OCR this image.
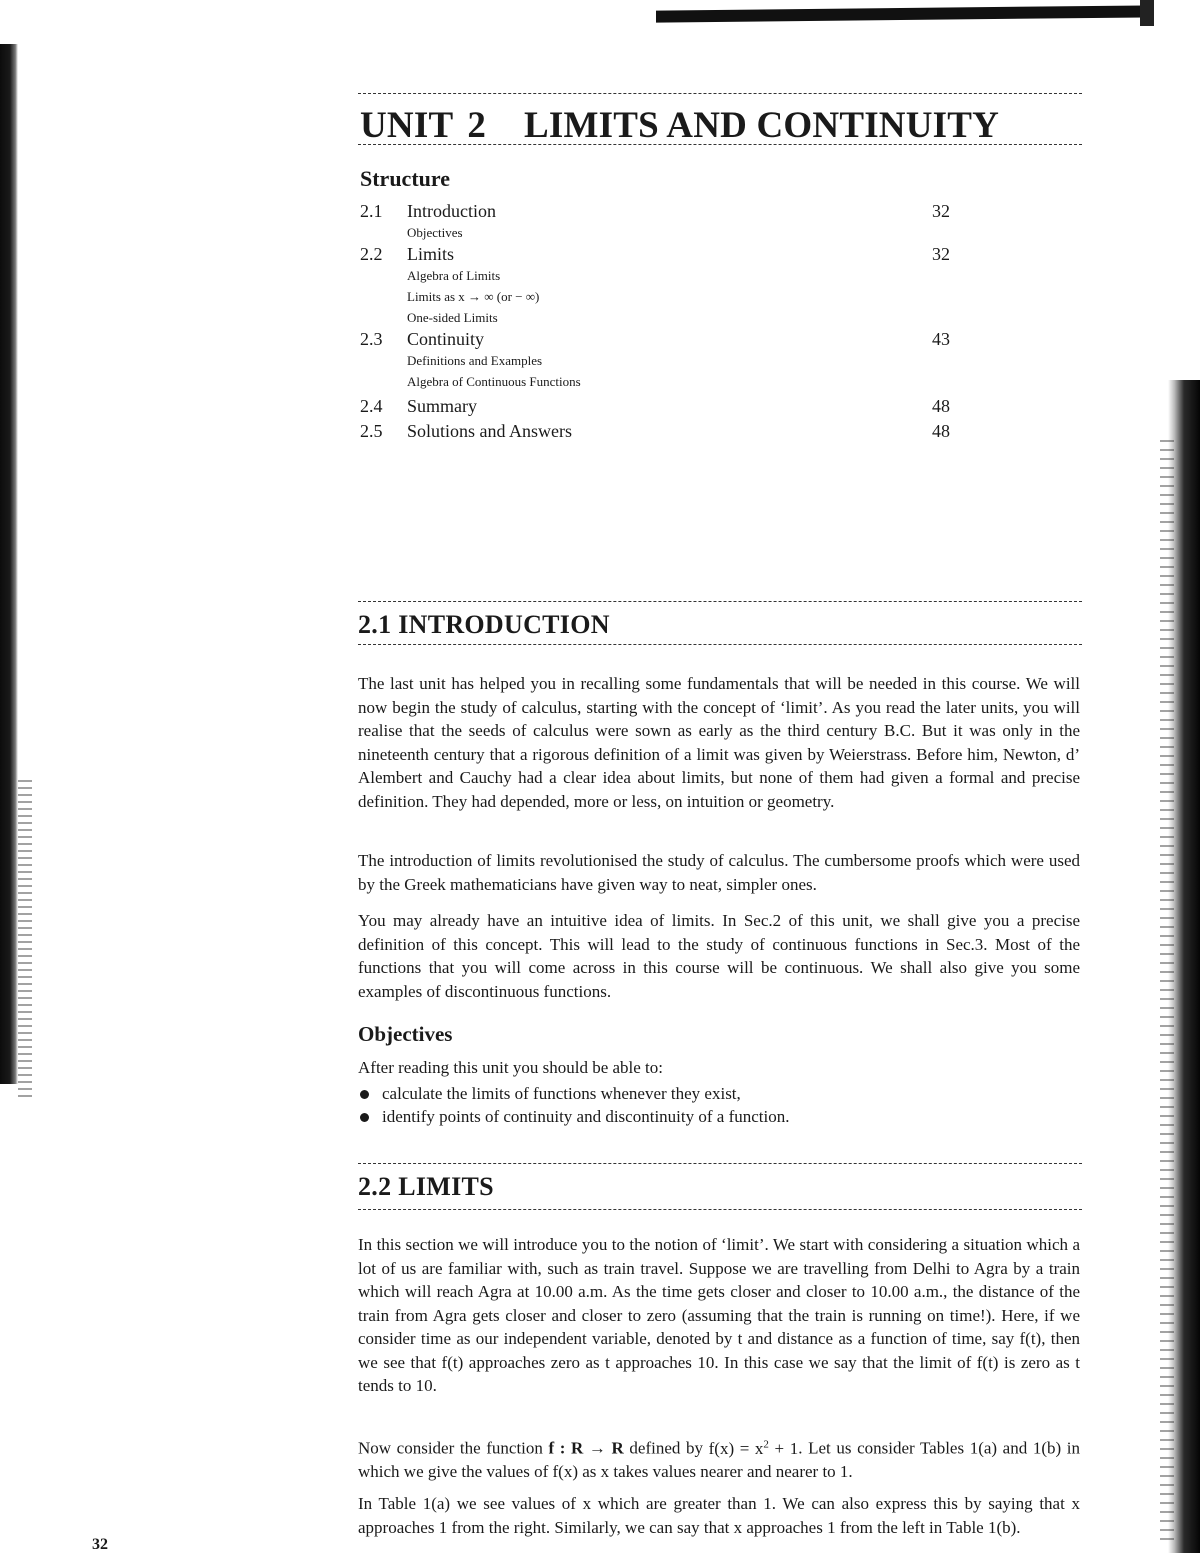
UNIT 2 LIMITS AND CONTINUITY
Structure
2.1	Introduction	32
Objectives
2.2	Limits	32
Algebra of Limits
Limits as x → ∞ (or − ∞)
One-sided Limits
2.3	Continuity	43
Definitions and Examples
Algebra of Continuous Functions
2.4	Summary	48
2.5	Solutions and Answers	48
2.1 INTRODUCTION
The last unit has helped you in recalling some fundamentals that will be needed in this course. We will now begin the study of calculus, starting with the concept of ‘limit’. As you read the later units, you will realise that the seeds of calculus were sown as early as the third century B.C. But it was only in the nineteenth century that a rigorous definition of a limit was given by Weierstrass. Before him, Newton, d’ Alembert and Cauchy had a clear idea about limits, but none of them had given a formal and precise definition. They had depended, more or less, on intuition or geometry.
The introduction of limits revolutionised the study of calculus. The cumbersome proofs which were used by the Greek mathematicians have given way to neat, simpler ones.
You may already have an intuitive idea of limits. In Sec.2 of this unit, we shall give you a precise definition of this concept. This will lead to the study of continuous functions in Sec.3. Most of the functions that you will come across in this course will be continuous. We shall also give you some examples of discontinuous functions.
Objectives
After reading this unit you should be able to:
calculate the limits of functions whenever they exist,
identify points of continuity and discontinuity of a function.
2.2 LIMITS
In this section we will introduce you to the notion of ‘limit’. We start with considering a situation which a lot of us are familiar with, such as train travel. Suppose we are travelling from Delhi to Agra by a train which will reach Agra at 10.00 a.m. As the time gets closer and closer to 10.00 a.m., the distance of the train from Agra gets closer and closer to zero (assuming that the train is running on time!). Here, if we consider time as our independent variable, denoted by t and distance as a function of time, say f(t), then we see that f(t) approaches zero as t approaches 10. In this case we say that the limit of f(t) is zero as t tends to 10.
Now consider the function f : R → R defined by $f(x) = x^2 + 1$. Let us consider Tables 1(a) and 1(b) in which we give the values of f(x) as x takes values nearer and nearer to 1.
In Table 1(a) we see values of x which are greater than 1. We can also express this by saying that x approaches 1 from the right. Similarly, we can say that x approaches 1 from the left in Table 1(b).
32
